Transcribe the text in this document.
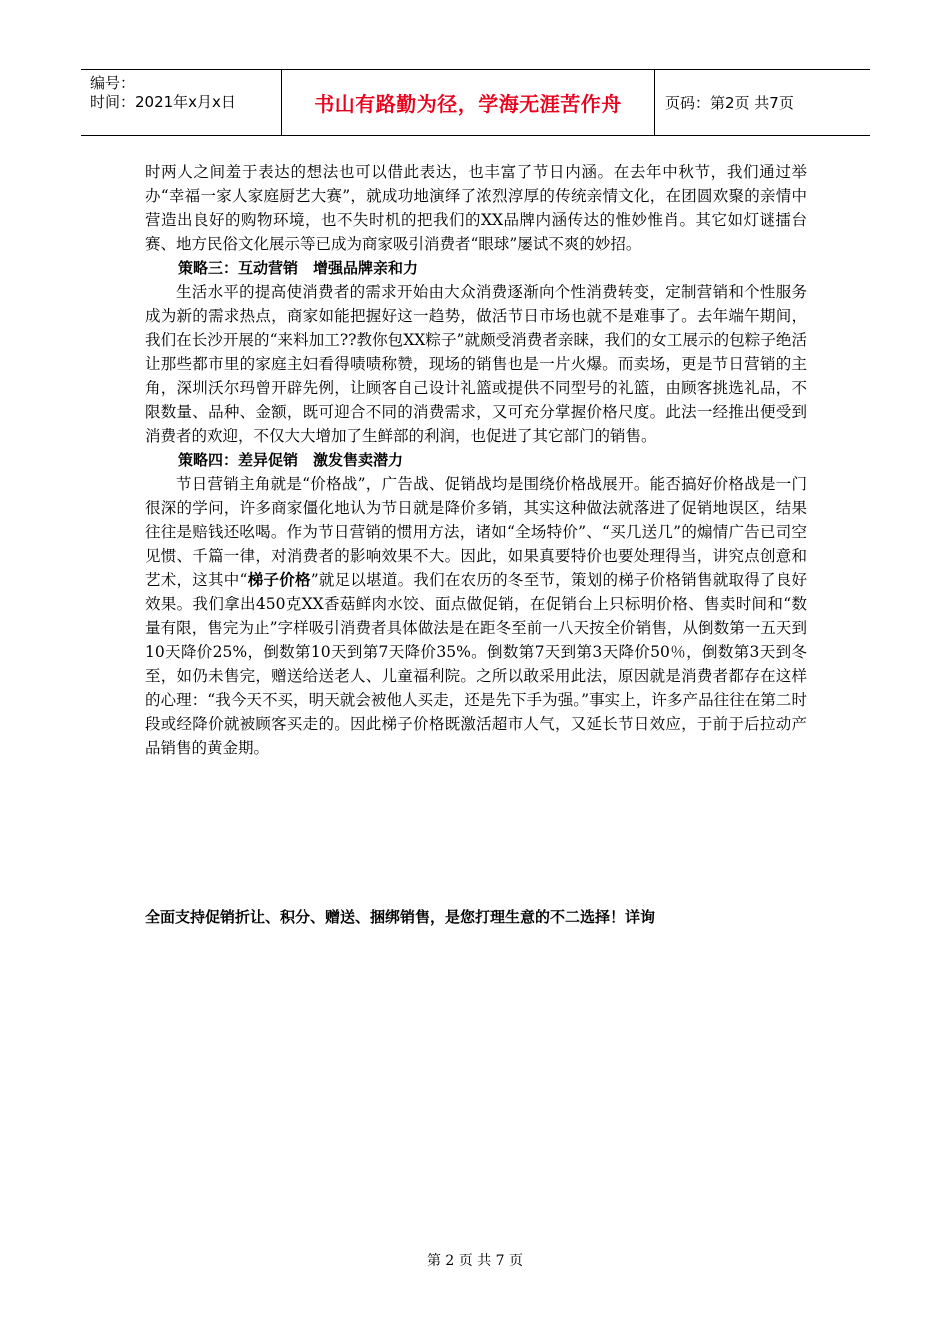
编号：
时间：2021年x月x日	书山有路勤为径，学海无涯苦作舟	页码：第2页 共7页

时两人之间羞于表达的想法也可以借此表达，也丰富了节日内涵。在去年中秋节，我们通过举办“幸福一家人家庭厨艺大赛”，就成功地演绎了浓烈淳厚的传统亲情文化，在团圆欢聚的亲情中营造出良好的购物环境，也不失时机的把我们的XX品牌内涵传达的惟妙惟肖。其它如灯谜擂台赛、地方民俗文化展示等已成为商家吸引消费者“眼球”屡试不爽的妙招。

策略三：互动营销　增强品牌亲和力

生活水平的提高使消费者的需求开始由大众消费逐渐向个性消费转变，定制营销和个性服务成为新的需求热点，商家如能把握好这一趋势，做活节日市场也就不是难事了。去年端午期间，我们在长沙开展的“来料加工??教你包XX粽子”就颇受消费者亲睐，我们的女工展示的包粽子绝活让那些都市里的家庭主妇看得啧啧称赞，现场的销售也是一片火爆。而卖场，更是节日营销的主角，深圳沃尔玛曾开辟先例，让顾客自己设计礼篮或提供不同型号的礼篮，由顾客挑选礼品，不限数量、品种、金额，既可迎合不同的消费需求，又可充分掌握价格尺度。此法一经推出便受到消费者的欢迎，不仅大大增加了生鲜部的利润，也促进了其它部门的销售。

策略四：差异促销　激发售卖潜力

节日营销主角就是“价格战”，广告战、促销战均是围绕价格战展开。能否搞好价格战是一门很深的学问，许多商家僵化地认为节日就是降价多销，其实这种做法就落进了促销地误区，结果往往是赔钱还吆喝。作为节日营销的惯用方法，诸如“全场特价”、“买几送几”的煽情广告已司空见惯、千篇一律，对消费者的影响效果不大。因此，如果真要特价也要处理得当，讲究点创意和艺术，这其中“梯子价格”就足以堪道。我们在农历的冬至节，策划的梯子价格销售就取得了良好效果。我们拿出450克XX香菇鲜肉水饺、面点做促销，在促销台上只标明价格、售卖时间和“数量有限，售完为止”字样吸引消费者具体做法是在距冬至前一八天按全价销售，从倒数第一五天到10天降价25%，倒数第10天到第7天降价35%。倒数第7天到第3天降价50％，倒数第3天到冬至，如仍未售完，赠送给送老人、儿童福利院。之所以敢采用此法，原因就是消费者都存在这样的心理：“我今天不买，明天就会被他人买走，还是先下手为强。”事实上，许多产品往往在第二时段或经降价就被顾客买走的。因此梯子价格既激活超市人气，又延长节日效应，于前于后拉动产品销售的黄金期。

全面支持促销折让、积分、赠送、捆绑销售，是您打理生意的不二选择！详询
第 2 页 共 7 页
